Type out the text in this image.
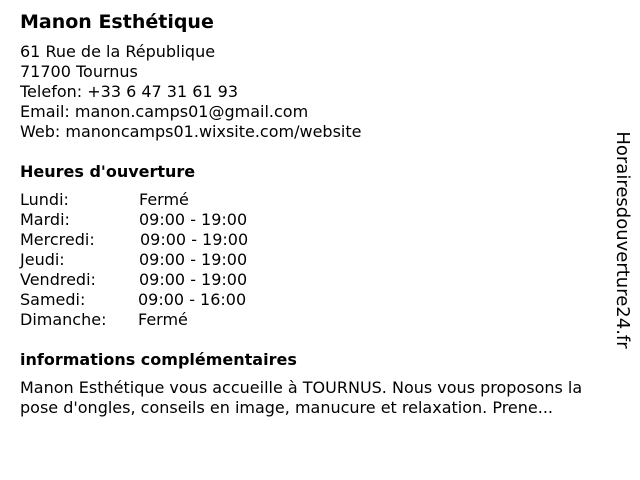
Manon Esthétique
61 Rue de la République
71700 Tournus
Telefon: +33 6 47 31 61 93
Email: manon.camps01@gmail.com
Web: manoncamps01.wixsite.com/website
Heures d'ouverture
Lundi:	Fermé
Mardi:	09:00 - 19:00
Mercredi:	09:00 - 19:00
Jeudi:	09:00 - 19:00
Vendredi:	09:00 - 19:00
Samedi:	09:00 - 16:00
Dimanche: Fermé
informations complémentaires
Manon Esthétique vous accueille à TOURNUS. Nous vous proposons la pose d'ongles, conseils en image, manucure et relaxation. Prene...
Horairesdouverture24.fr
